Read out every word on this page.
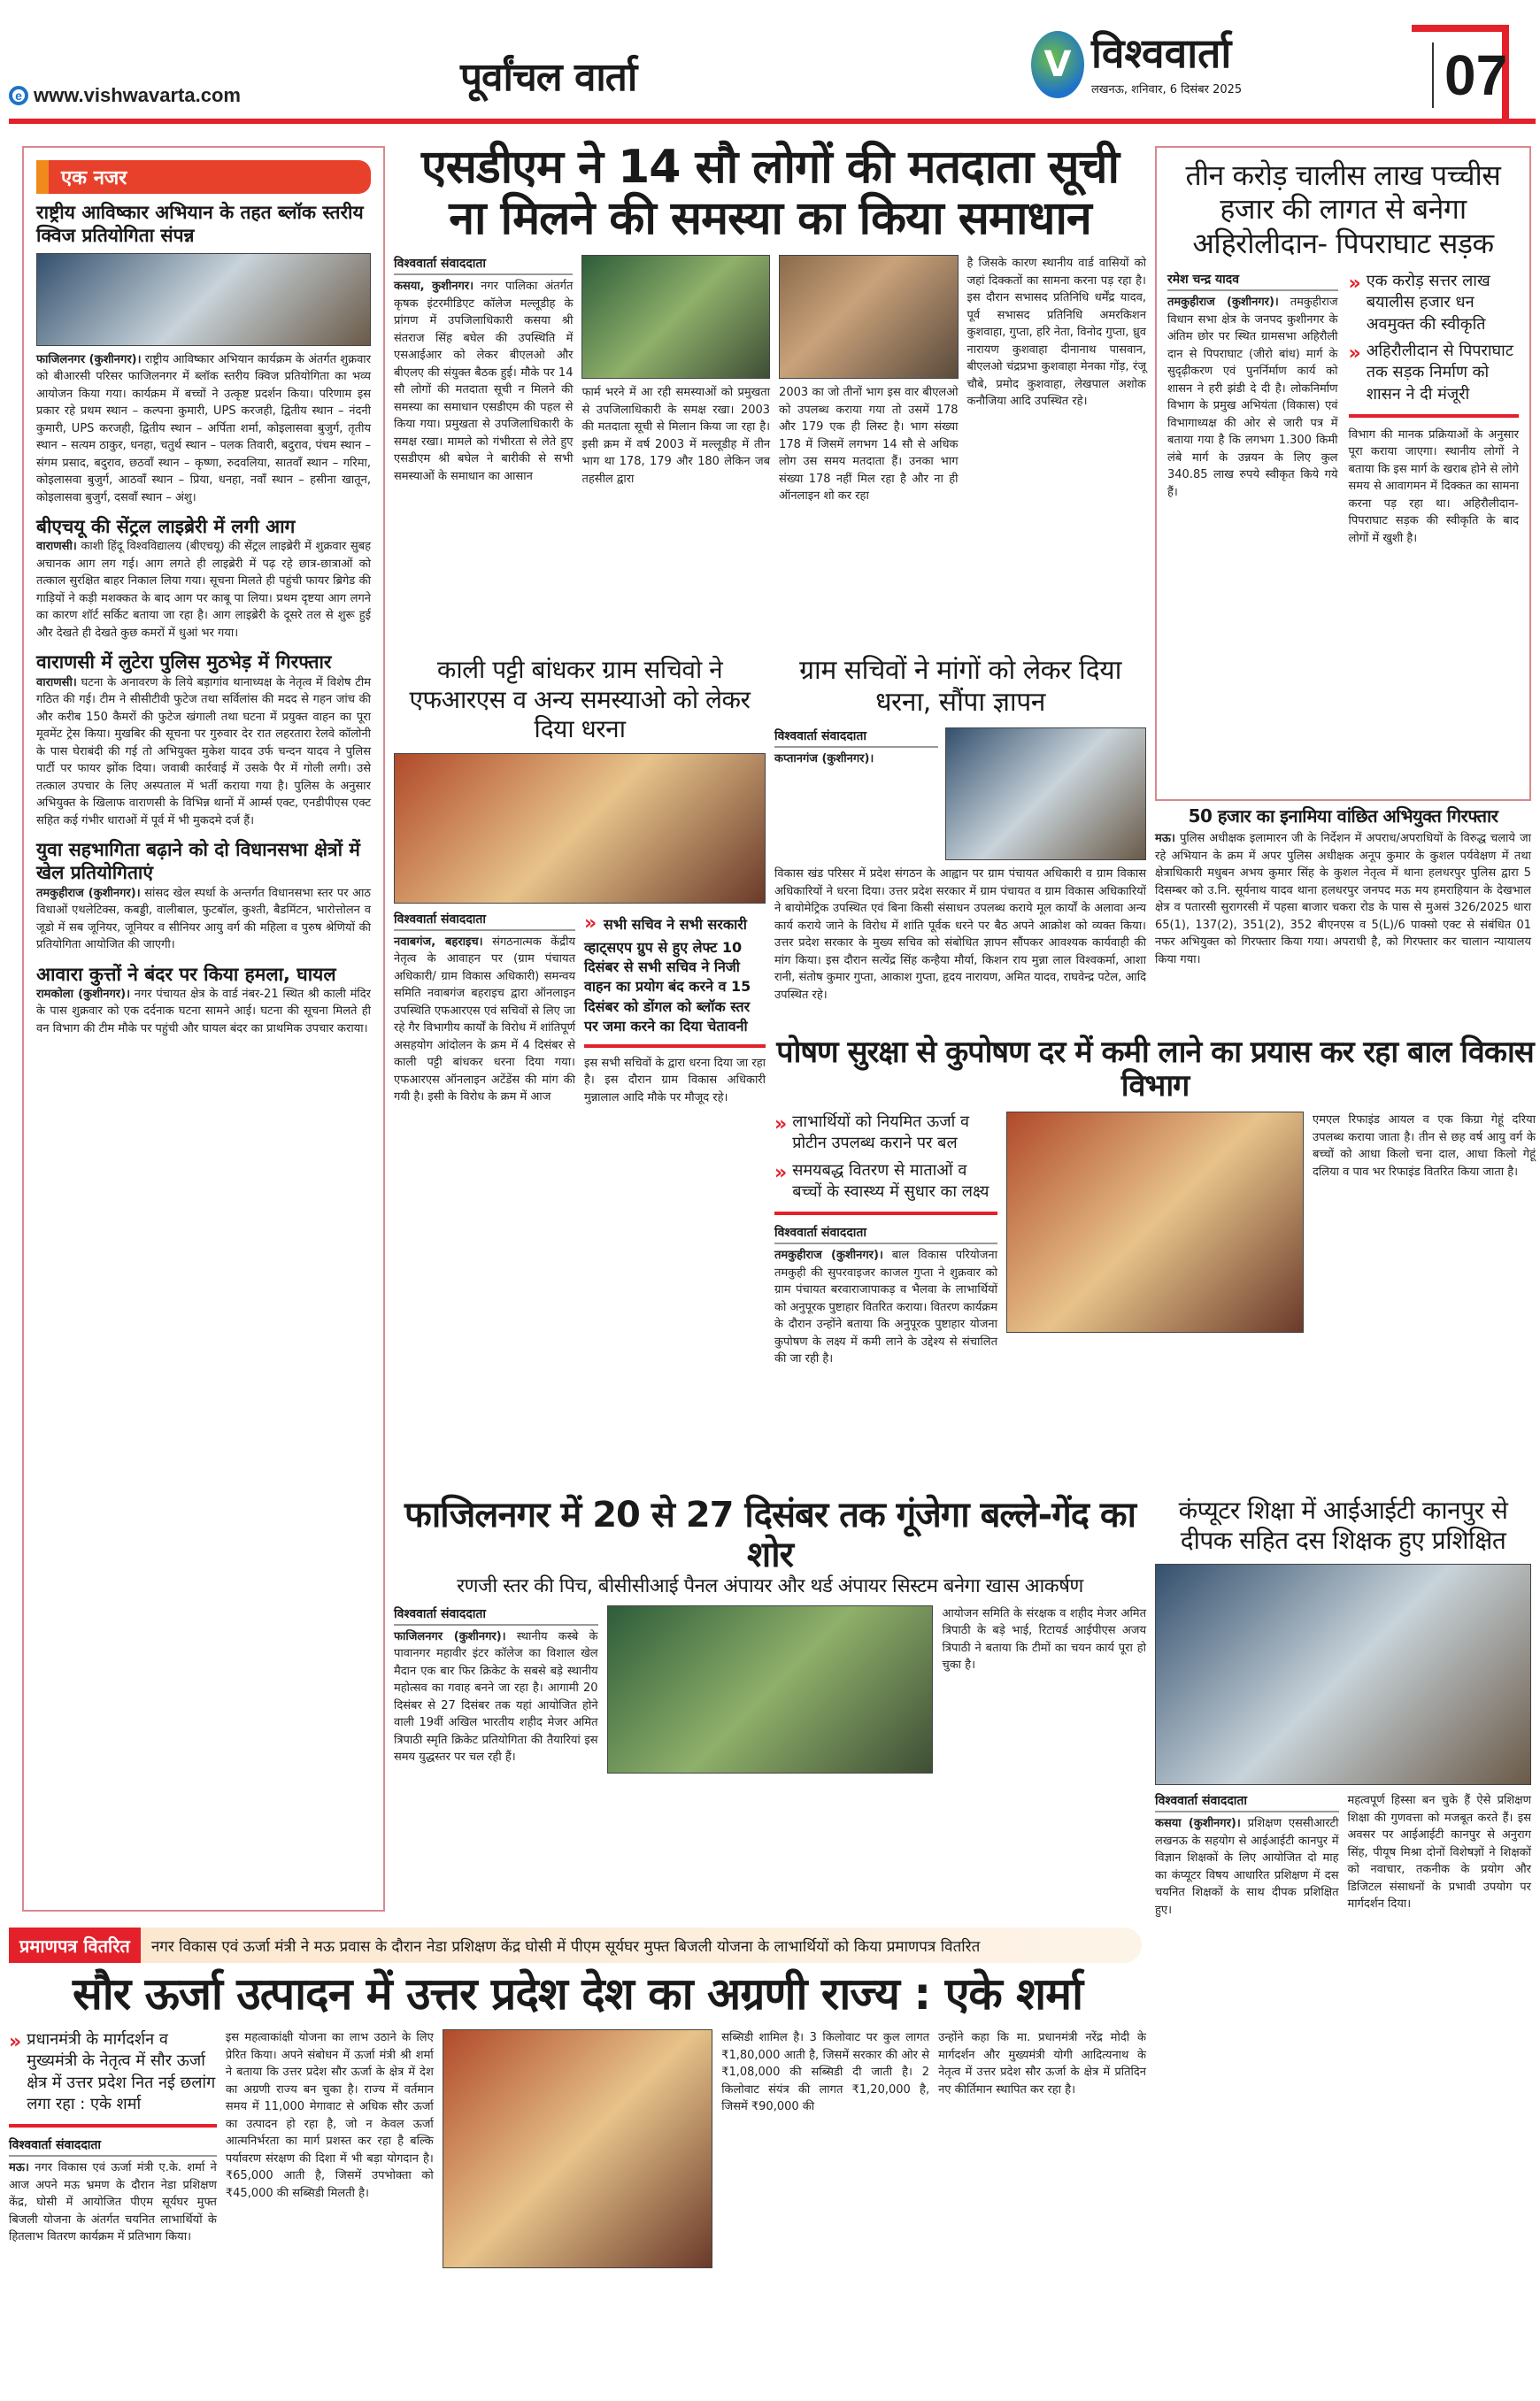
e www.vishwavarta.com	पूर्वांचल वार्ता	V विश्ववार्ता
लखनऊ, शनिवार, 6 दिसंबर 2025	07
एक नजर
राष्ट्रीय आविष्कार अभियान के तहत ब्लॉक स्तरीय क्विज प्रतियोगिता संपन्न
फाजिलनगर (कुशीनगर)। राष्ट्रीय आविष्कार अभियान कार्यक्रम के अंतर्गत शुक्रवार को बीआरसी परिसर फाजिलनगर में ब्लॉक स्तरीय क्विज प्रतियोगिता का भव्य आयोजन किया गया। कार्यक्रम में बच्चों ने उत्कृष्ट प्रदर्शन किया। परिणाम इस प्रकार रहे प्रथम स्थान – कल्पना कुमारी, UPS करजही, द्वितीय स्थान – नंदनी कुमारी, UPS करजही, द्वितीय स्थान – अर्पिता शर्मा, कोइलासवा बुजुर्ग, तृतीय स्थान – सत्यम ठाकुर, धनहा, चतुर्थ स्थान – पलक तिवारी, बदुराव, पंचम स्थान – संगम प्रसाद, बदुराव, छठवाँ स्थान – कृष्णा, रुदवलिया, सातवाँ स्थान – गरिमा, कोइलासवा बुजुर्ग, आठवाँ स्थान – प्रिया, धनहा, नवाँ स्थान – हसीना खातून, कोइलासवा बुजुर्ग, दसवाँ स्थान – अंशु।
बीएचयू की सेंट्रल लाइब्रेरी में लगी आग
वाराणसी। काशी हिंदू विश्वविद्यालय (बीएचयू) की सेंट्रल लाइब्रेरी में शुक्रवार सुबह अचानक आग लग गई। आग लगते ही लाइब्रेरी में पढ़ रहे छात्र-छात्राओं को तत्काल सुरक्षित बाहर निकाल लिया गया। सूचना मिलते ही पहुंची फायर ब्रिगेड की गाड़ियों ने कड़ी मशक्कत के बाद आग पर काबू पा लिया। प्रथम दृष्टया आग लगने का कारण शॉर्ट सर्किट बताया जा रहा है। आग लाइब्रेरी के दूसरे तल से शुरू हुई और देखते ही देखते कुछ कमरों में धुआं भर गया।
वाराणसी में लुटेरा पुलिस मुठभेड़ में गिरफ्तार
वाराणसी। घटना के अनावरण के लिये बड़ागांव थानाध्यक्ष के नेतृत्व में विशेष टीम गठित की गई। टीम ने सीसीटीवी फुटेज तथा सर्विलांस की मदद से गहन जांच की और करीब 150 कैमरों की फुटेज खंगाली तथा घटना में प्रयुक्त वाहन का पूरा मूवमेंट ट्रेस किया। मुखबिर की सूचना पर गुरुवार देर रात लहरतारा रेलवे कॉलोनी के पास घेराबंदी की गई तो अभियुक्त मुकेश यादव उर्फ चन्दन यादव ने पुलिस पार्टी पर फायर झोंक दिया। जवाबी कार्रवाई में उसके पैर में गोली लगी। उसे तत्काल उपचार के लिए अस्पताल में भर्ती कराया गया है। पुलिस के अनुसार अभियुक्त के खिलाफ वाराणसी के विभिन्न थानों में आर्म्स एक्ट, एनडीपीएस एक्ट सहित कई गंभीर धाराओं में पूर्व में भी मुकदमे दर्ज हैं।
युवा सहभागिता बढ़ाने को दो विधानसभा क्षेत्रों में खेल प्रतियोगिताएं
तमकुहीराज (कुशीनगर)। सांसद खेल स्पर्धा के अन्तर्गत विधानसभा स्तर पर आठ विधाओं एथलेटिक्स, कबड्डी, वालीबाल, फुटबॉल, कुश्ती, बैडमिंटन, भारोत्तोलन व जूडो में सब जूनियर, जूनियर व सीनियर आयु वर्ग की महिला व पुरुष श्रेणियों की प्रतियोगिता आयोजित की जाएगी।
आवारा कुत्तों ने बंदर पर किया हमला, घायल
रामकोला (कुशीनगर)। नगर पंचायत क्षेत्र के वार्ड नंबर-21 स्थित श्री काली मंदिर के पास शुक्रवार को एक दर्दनाक घटना सामने आई। घटना की सूचना मिलते ही वन विभाग की टीम मौके पर पहुंची और घायल बंदर का प्राथमिक उपचार कराया।
एसडीएम ने 14 सौ लोगों की मतदाता सूची
ना मिलने की समस्या का किया समाधान
विश्ववार्ता संवाददाता
कसया, कुशीनगर। नगर पालिका अंतर्गत कृषक इंटरमीडिएट कॉलेज मल्लूडीह के प्रांगण में उपजिलाधिकारी कसया श्री संतराज सिंह बघेल की उपस्थिति में एसआईआर को लेकर बीएलओ और बीएलए की संयुक्त बैठक हुई। मौके पर 14 सौ लोगों की मतदाता सूची न मिलने की समस्या का समाधान एसडीएम की पहल से किया गया। प्रमुखता से उपजिलाधिकारी के समक्ष रखा। मामले को गंभीरता से लेते हुए एसडीएम श्री बघेल ने बारीकी से सभी समस्याओं के समाधान का आसान
फार्म भरने में आ रही समस्याओं को प्रमुखता से उपजिलाधिकारी के समक्ष रखा। 2003 की मतदाता सूची से मिलान किया जा रहा है। इसी क्रम में वर्ष 2003 में मल्लूडीह में तीन भाग था 178, 179 और 180 लेकिन जब तहसील द्वारा
2003 का जो तीनों भाग इस वार बीएलओ को उपलब्ध कराया गया तो उसमें 178 और 179 एक ही लिस्ट है। भाग संख्या 178 में जिसमें लगभग 14 सौ से अधिक लोग उस समय मतदाता हैं। उनका भाग संख्या 178 नहीं मिल रहा है और ना ही ऑनलाइन शो कर रहा
है जिसके कारण स्थानीय वार्ड वासियों को जहां दिक्कतों का सामना करना पड़ रहा है। इस दौरान सभासद प्रतिनिधि धर्मेंद्र यादव, पूर्व सभासद प्रतिनिधि अमरकिशन कुशवाहा, गुप्ता, हरि नेता, विनोद गुप्ता, ध्रुव नारायण कुशवाहा दीनानाथ पासवान, बीएलओ चंद्रप्रभा कुशवाहा मेनका गोंड़, रंजू चौबे, प्रमोद कुशवाहा, लेखपाल अशोक कनौजिया आदि उपस्थित रहे।
तीन करोड़ चालीस लाख पच्चीस हजार की लागत से बनेगा अहिरोलीदान- पिपराघाट सड़क
रमेश चन्द्र यादव
तमकुहीराज (कुशीनगर)। तमकुहीराज विधान सभा क्षेत्र के जनपद कुशीनगर के अंतिम छोर पर स्थित ग्रामसभा अहिरौली दान से पिपराघाट (जीरो बांध) मार्ग के सुदृढ़ीकरण एवं पुनर्निर्माण कार्य को शासन ने हरी झंडी दे दी है। लोकनिर्माण विभाग के प्रमुख अभियंता (विकास) एवं विभागाध्यक्ष की ओर से जारी पत्र में बताया गया है कि लगभग 1.300 किमी लंबे मार्ग के उन्नयन के लिए कुल 340.85 लाख रुपये स्वीकृत किये गये हैं।
» एक करोड़ सत्तर लाख बयालीस हजार धन अवमुक्त की स्वीकृति
» अहिरौलीदान से पिपराघाट तक सड़क निर्माण को शासन ने दी मंजूरी
विभाग की मानक प्रक्रियाओं के अनुसार पूरा कराया जाएगा। स्थानीय लोगों ने बताया कि इस मार्ग के खराब होने से लोगे समय से आवागमन में दिक्कत का सामना करना पड़ रहा था। अहिरौलीदान-पिपराघाट सड़क की स्वीकृति के बाद लोगों में खुशी है।
50 हजार का इनामिया वांछित अभियुक्त गिरफ्तार
मऊ। पुलिस अधीक्षक इलामारन जी के निर्देशन में अपराध/अपराधियों के विरुद्ध चलाये जा रहे अभियान के क्रम में अपर पुलिस अधीक्षक अनूप कुमार के कुशल पर्यवेक्षण में तथा क्षेत्राधिकारी मधुबन अभय कुमार सिंह के कुशल नेतृत्व में थाना हलधरपुर पुलिस द्वारा 5 दिसम्बर को उ.नि. सूर्यनाथ यादव थाना हलधरपुर जनपद मऊ मय हमराहियान के देखभाल क्षेत्र व पतारसी सुरागरसी में पहसा बाजार चकरा रोड के पास से मुअसं 326/2025 धारा 65(1), 137(2), 351(2), 352 बीएनएस व 5(L)/6 पाक्सो एक्ट से संबंधित 01 नफर अभियुक्त को गिरफ्तार किया गया। अपराधी है, को गिरफ्तार कर चालान न्यायालय किया गया।
काली पट्टी बांधकर ग्राम सचिवो ने एफआरएस व अन्य समस्याओ को लेकर दिया धरना
विश्ववार्ता संवाददाता
नवाबगंज, बहराइच। संगठनात्मक केंद्रीय नेतृत्व के आवाहन पर (ग्राम पंचायत अधिकारी/ ग्राम विकास अधिकारी) समन्वय समिति नवाबगंज बहराइच द्वारा ऑनलाइन उपस्थिति एफआरएस एवं सचिवों से लिए जा रहे गैर विभागीय कार्यों के विरोध में शांतिपूर्ण असहयोग आंदोलन के क्रम में 4 दिसंबर से काली पट्टी बांधकर धरना दिया गया। एफआरएस ऑनलाइन अटेंडेंस की मांग की गयी है। इसी के विरोध के क्रम में आज
» सभी सचिव ने सभी सरकारी व्हाट्सएप ग्रुप से हुए लेफ्ट 10 दिसंबर से सभी सचिव ने निजी वाहन का प्रयोग बंद करने व 15 दिसंबर को डोंगल को ब्लॉक स्तर पर जमा करने का दिया चेतावनी
इस सभी सचिवों के द्वारा धरना दिया जा रहा है। इस दौरान ग्राम विकास अधिकारी मुन्नालाल आदि मौके पर मौजूद रहे।
ग्राम सचिवों ने मांगों को लेकर दिया धरना, सौंपा ज्ञापन
विश्ववार्ता संवाददाता
कप्तानगंज (कुशीनगर)।
विकास खंड परिसर में प्रदेश संगठन के आह्वान पर ग्राम पंचायत अधिकारी व ग्राम विकास अधिकारियों ने धरना दिया। उत्तर प्रदेश सरकार में ग्राम पंचायत व ग्राम विकास अधिकारियों ने बायोमेट्रिक उपस्थित एवं बिना किसी संसाधन उपलब्ध कराये मूल कार्यों के अलावा अन्य कार्य कराये जाने के विरोध में शांति पूर्वक धरने पर बैठ अपने आक्रोश को व्यक्त किया। उत्तर प्रदेश सरकार के मुख्य सचिव को संबोधित ज्ञापन सौंपकर आवश्यक कार्यवाही की मांग किया। इस दौरान सत्येंद्र सिंह कन्हैया मौर्या, किशन राय मुन्ना लाल विश्वकर्मा, आशा रानी, संतोष कुमार गुप्ता, आकाश गुप्ता, हृदय नारायण, अमित यादव, राघवेन्द्र पटेल, आदि उपस्थित रहे।
पोषण सुरक्षा से कुपोषण दर में कमी लाने का प्रयास कर रहा बाल विकास विभाग
» लाभार्थियों को नियमित ऊर्जा व प्रोटीन उपलब्ध कराने पर बल
» समयबद्ध वितरण से माताओं व बच्चों के स्वास्थ्य में सुधार का लक्ष्य
विश्ववार्ता संवाददाता
तमकुहीराज (कुशीनगर)। बाल विकास परियोजना तमकुही की सुपरवाइजर काजल गुप्ता ने शुक्रवार को ग्राम पंचायत बरवाराजापाकड़ व भैलवा के लाभार्थियों को अनुपूरक पुष्टाहार वितरित कराया। वितरण कार्यक्रम के दौरान उन्होंने बताया कि अनुपूरक पुष्टाहार योजना कुपोषण के लक्ष्य में कमी लाने के उद्देश्य से संचालित की जा रही है।
एमएल रिफाइंड आयल व एक किग्रा गेहूं दरिया उपलब्ध कराया जाता है। तीन से छह वर्ष आयु वर्ग के बच्चों को आधा किलो चना दाल, आधा किलो गेहूं दलिया व पाव भर रिफाइंड वितरित किया जाता है।
फाजिलनगर में 20 से 27 दिसंबर तक गूंजेगा बल्ले-गेंद का शोर
रणजी स्तर की पिच, बीसीसीआई पैनल अंपायर और थर्ड अंपायर सिस्टम बनेगा खास आकर्षण
विश्ववार्ता संवाददाता
फाजिलनगर (कुशीनगर)। स्थानीय कस्बे के पावानगर महावीर इंटर कॉलेज का विशाल खेल मैदान एक बार फिर क्रिकेट के सबसे बड़े स्थानीय महोत्सव का गवाह बनने जा रहा है। आगामी 20 दिसंबर से 27 दिसंबर तक यहां आयोजित होने वाली 19वीं अखिल भारतीय शहीद मेजर अमित त्रिपाठी स्मृति क्रिकेट प्रतियोगिता की तैयारियां इस समय युद्धस्तर पर चल रही हैं।
आयोजन समिति के संरक्षक व शहीद मेजर अमित त्रिपाठी के बड़े भाई, रिटायर्ड आईपीएस अजय त्रिपाठी ने बताया कि टीमों का चयन कार्य पूरा हो चुका है।
कंप्यूटर शिक्षा में आईआईटी कानपुर से दीपक सहित दस शिक्षक हुए प्रशिक्षित
विश्ववार्ता संवाददाता
कसया (कुशीनगर)। प्रशिक्षण एससीआरटी लखनऊ के सहयोग से आईआईटी कानपुर में विज्ञान शिक्षकों के लिए आयोजित दो माह का कंप्यूटर विषय आधारित प्रशिक्षण में दस चयनित शिक्षकों के साथ दीपक प्रशिक्षित हुए।
महत्वपूर्ण हिस्सा बन चुके हैं ऐसे प्रशिक्षण शिक्षा की गुणवत्ता को मजबूत करते हैं। इस अवसर पर आईआईटी कानपुर से अनुराग सिंह, पीयूष मिश्रा दोनों विशेषज्ञों ने शिक्षकों को नवाचार, तकनीक के प्रयोग और डिजिटल संसाधनों के प्रभावी उपयोग पर मार्गदर्शन दिया।
प्रमाणपत्र वितरित	नगर विकास एवं ऊर्जा मंत्री ने मऊ प्रवास के दौरान नेडा प्रशिक्षण केंद्र घोसी में पीएम सूर्यघर मुफ्त बिजली योजना के लाभार्थियों को किया प्रमाणपत्र वितरित
सौर ऊर्जा उत्पादन में उत्तर प्रदेश देश का अग्रणी राज्य : एके शर्मा
» प्रधानमंत्री के मार्गदर्शन व मुख्यमंत्री के नेतृत्व में सौर ऊर्जा क्षेत्र में उत्तर प्रदेश नित नई छलांग लगा रहा : एके शर्मा
विश्ववार्ता संवाददाता
मऊ। नगर विकास एवं ऊर्जा मंत्री ए.के. शर्मा ने आज अपने मऊ भ्रमण के दौरान नेडा प्रशिक्षण केंद्र, घोसी में आयोजित पीएम सूर्यघर मुफ्त बिजली योजना के अंतर्गत चयनित लाभार्थियों के हितलाभ वितरण कार्यक्रम में प्रतिभाग किया।
इस महत्वाकांक्षी योजना का लाभ उठाने के लिए प्रेरित किया। अपने संबोधन में ऊर्जा मंत्री श्री शर्मा ने बताया कि उत्तर प्रदेश सौर ऊर्जा के क्षेत्र में देश का अग्रणी राज्य बन चुका है। राज्य में वर्तमान समय में 11,000 मेगावाट से अधिक सौर ऊर्जा का उत्पादन हो रहा है, जो न केवल ऊर्जा आत्मनिर्भरता का मार्ग प्रशस्त कर रहा है बल्कि पर्यावरण संरक्षण की दिशा में भी बड़ा योगदान है। ₹65,000 आती है, जिसमें उपभोक्ता को ₹45,000 की सब्सिडी मिलती है।
सब्सिडी शामिल है। 3 किलोवाट पर कुल लागत ₹1,80,000 आती है, जिसमें सरकार की ओर से ₹1,08,000 की सब्सिडी दी जाती है। 2 किलोवाट संयंत्र की लागत ₹1,20,000 है, जिसमें ₹90,000 की
उन्होंने कहा कि मा. प्रधानमंत्री नरेंद्र मोदी के मार्गदर्शन और मुख्यमंत्री योगी आदित्यनाथ के नेतृत्व में उत्तर प्रदेश सौर ऊर्जा के क्षेत्र में प्रतिदिन नए कीर्तिमान स्थापित कर रहा है।
